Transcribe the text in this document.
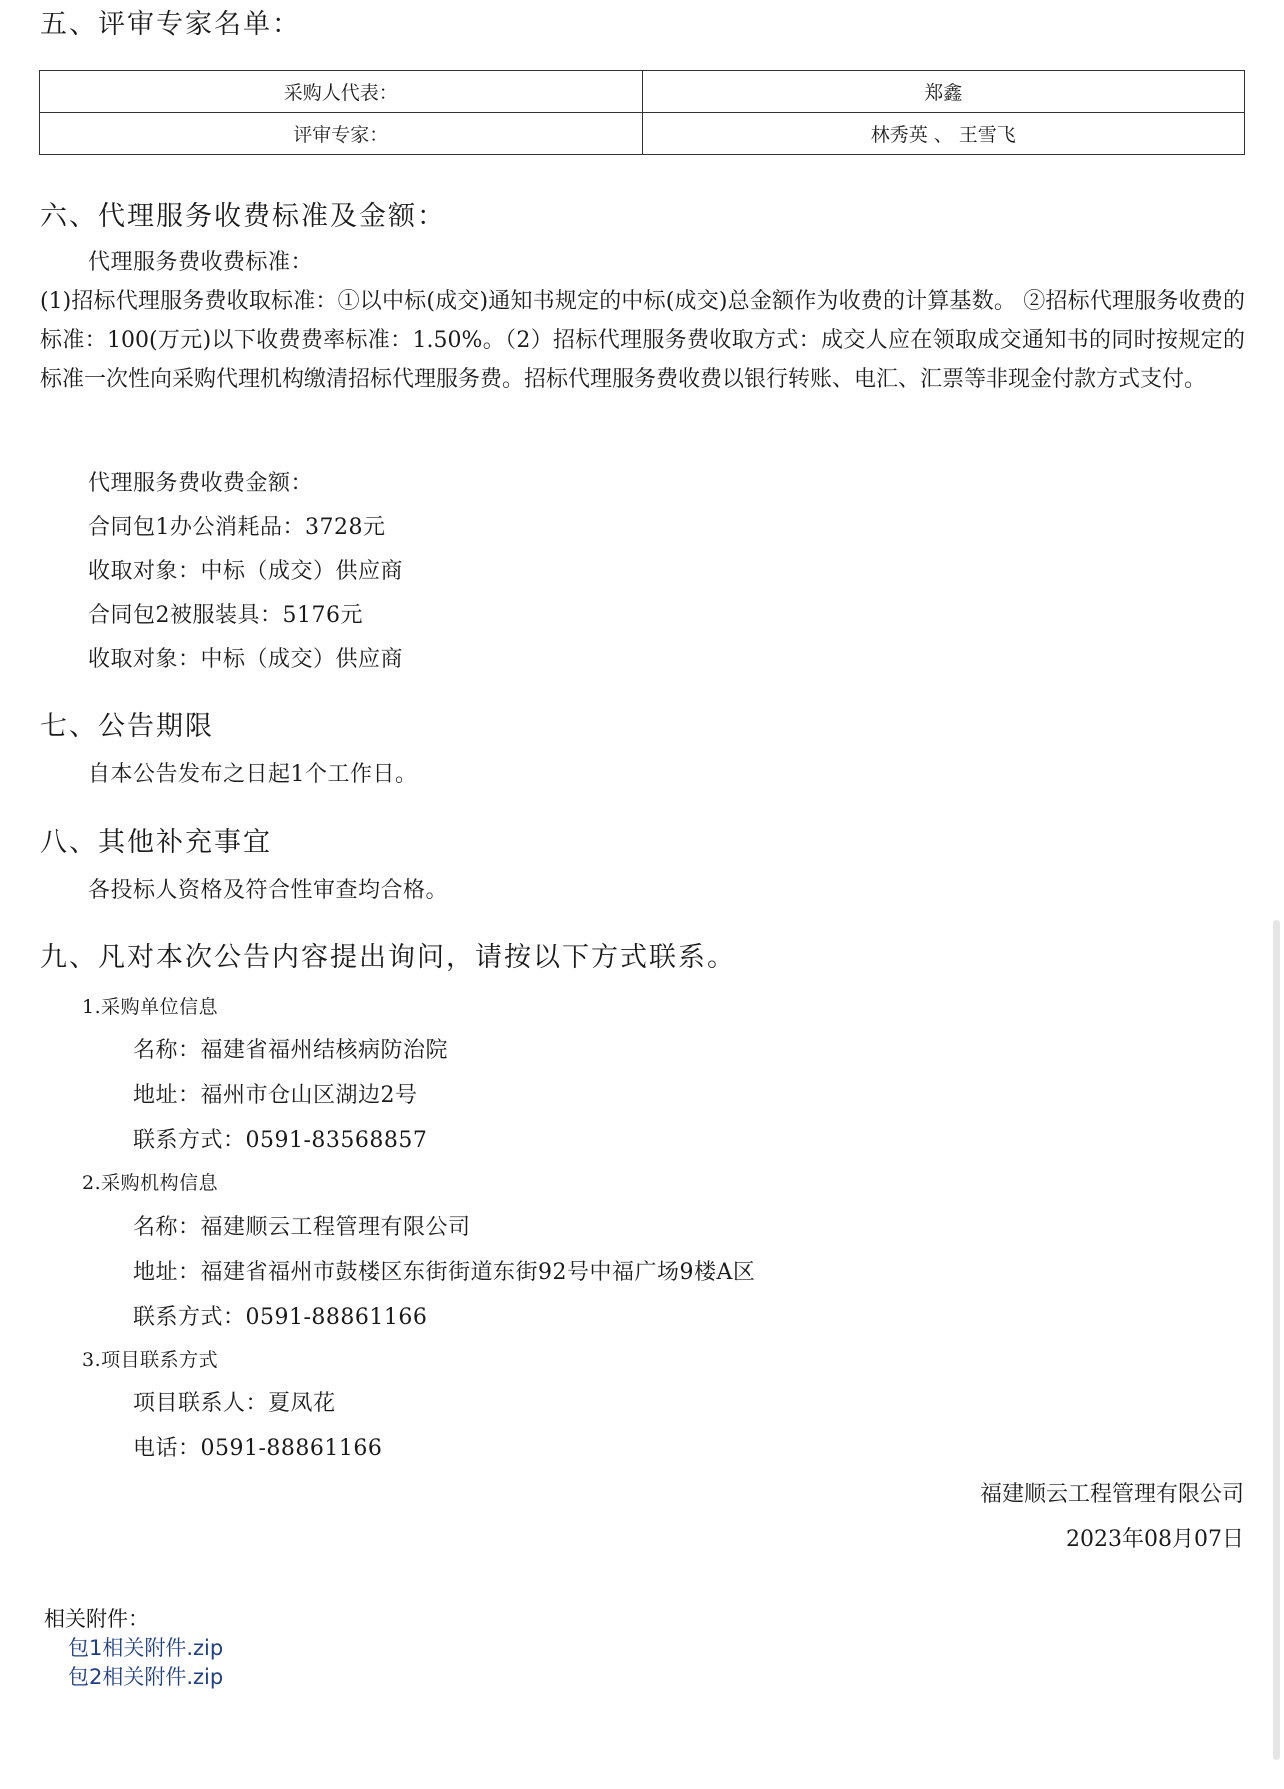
五、评审专家名单：
采购人代表：	郑鑫
评审专家：	林秀英 、 王雪飞
六、代理服务收费标准及金额：
代理服务费收费标准：
(1)招标代理服务费收取标准：①以中标(成交)通知书规定的中标(成交)总金额作为收费的计算基数。 ②招标代理服务收费的标准：100(万元)以下收费费率标准：1.50%。（2）招标代理服务费收取方式：成交人应在领取成交通知书的同时按规定的标准一次性向采购代理机构缴清招标代理服务费。招标代理服务费收费以银行转账、电汇、汇票等非现金付款方式支付。
代理服务费收费金额：
合同包1办公消耗品：3728元
收取对象：中标（成交）供应商
合同包2被服装具：5176元
收取对象：中标（成交）供应商
七、公告期限
自本公告发布之日起1个工作日。
八、其他补充事宜
各投标人资格及符合性审查均合格。
九、凡对本次公告内容提出询问，请按以下方式联系。
1.采购单位信息
名称：福建省福州结核病防治院
地址：福州市仓山区湖边2号
联系方式：0591-83568857
2.采购机构信息
名称：福建顺云工程管理有限公司
地址：福建省福州市鼓楼区东街街道东街92号中福广场9楼A区
联系方式：0591-88861166
3.项目联系方式
项目联系人：夏凤花
电话：0591-88861166
福建顺云工程管理有限公司
2023年08月07日
相关附件：
包1相关附件.zip
包2相关附件.zip
